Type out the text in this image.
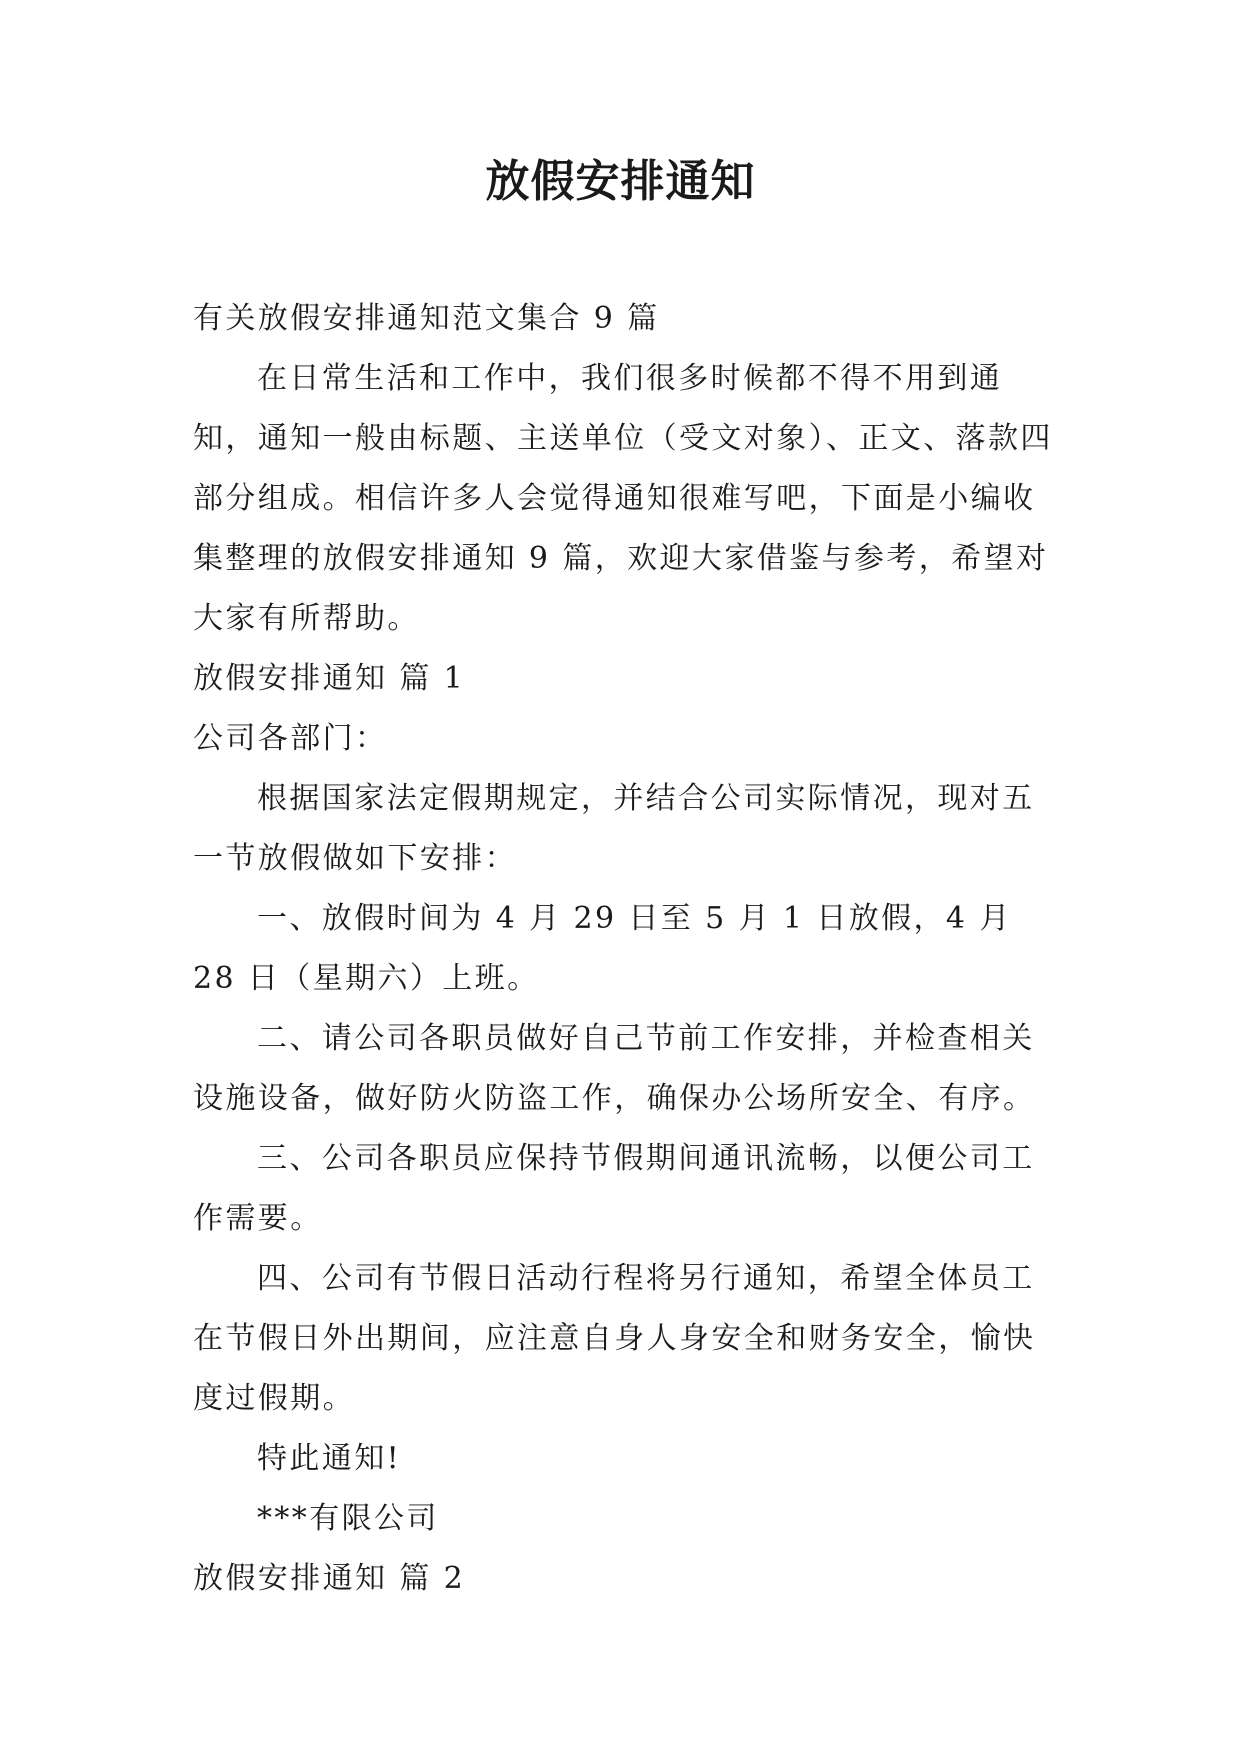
放假安排通知

有关放假安排通知范文集合 9 篇

在日常生活和工作中，我们很多时候都不得不用到通知，通知一般由标题、主送单位（受文对象）、正文、落款四部分组成。相信许多人会觉得通知很难写吧，下面是小编收集整理的放假安排通知 9 篇，欢迎大家借鉴与参考，希望对大家有所帮助。

放假安排通知 篇 1

公司各部门：

根据国家法定假期规定，并结合公司实际情况，现对五一节放假做如下安排：

一、放假时间为 4 月 29 日至 5 月 1 日放假，4 月 28 日（星期六）上班。

二、请公司各职员做好自己节前工作安排，并检查相关设施设备，做好防火防盗工作，确保办公场所安全、有序。

三、公司各职员应保持节假期间通讯流畅，以便公司工作需要。

四、公司有节假日活动行程将另行通知，希望全体员工在节假日外出期间，应注意自身人身安全和财务安全，愉快度过假期。

特此通知!

***有限公司

放假安排通知 篇 2
